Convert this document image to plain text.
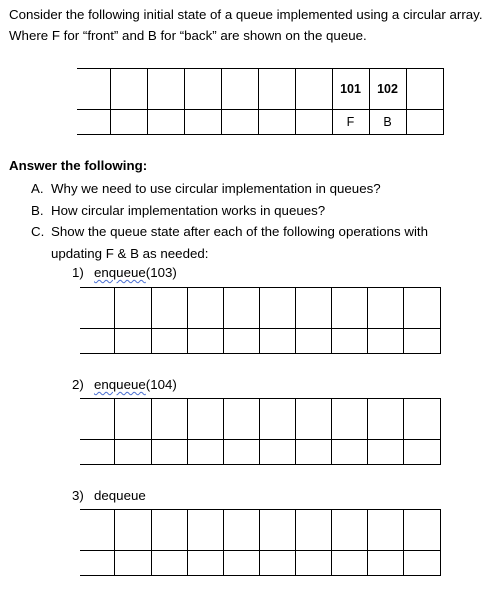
Consider the following initial state of a queue implemented using a circular array. Where F for “front” and B for “back” are shown on the queue.
							101	102	
							F	B	
Answer the following:
A. Why we need to use circular implementation in queues?
B. How circular implementation works in queues?
C. Show the queue state after each of the following operations with updating F & B as needed:
1) enqueue(103)

2) enqueue(104)

3) dequeue
